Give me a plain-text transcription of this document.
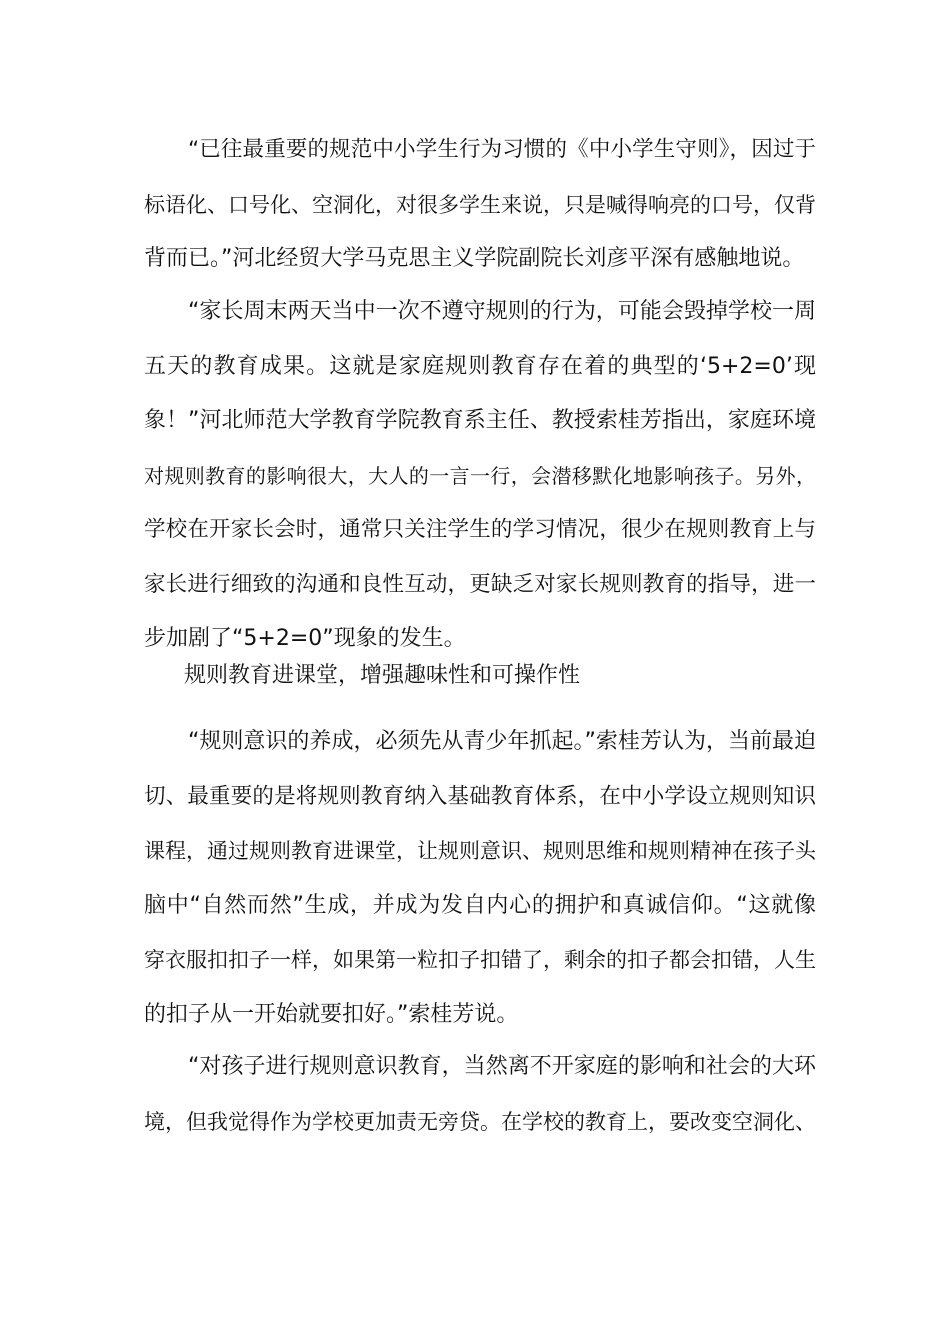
“已往最重要的规范中小学生行为习惯的《中小学生守则》，因过于
标语化、口号化、空洞化，对很多学生来说，只是喊得响亮的口号，仅背
背而已。”河北经贸大学马克思主义学院副院长刘彦平深有感触地说。
“家长周末两天当中一次不遵守规则的行为，可能会毁掉学校一周
五天的教育成果。这就是家庭规则教育存在着的典型的‘5+2=0’现
象！”河北师范大学教育学院教育系主任、教授索桂芳指出，家庭环境
对规则教育的影响很大，大人的一言一行，会潜移默化地影响孩子。另外，
学校在开家长会时，通常只关注学生的学习情况，很少在规则教育上与
家长进行细致的沟通和良性互动，更缺乏对家长规则教育的指导，进一
步加剧了“5+2=0”现象的发生。
规则教育进课堂，增强趣味性和可操作性
“规则意识的养成，必须先从青少年抓起。”索桂芳认为，当前最迫
切、最重要的是将规则教育纳入基础教育体系，在中小学设立规则知识
课程，通过规则教育进课堂，让规则意识、规则思维和规则精神在孩子头
脑中“自然而然”生成，并成为发自内心的拥护和真诚信仰。“这就像
穿衣服扣扣子一样，如果第一粒扣子扣错了，剩余的扣子都会扣错，人生
的扣子从一开始就要扣好。”索桂芳说。
“对孩子进行规则意识教育，当然离不开家庭的影响和社会的大环
境，但我觉得作为学校更加责无旁贷。在学校的教育上，要改变空洞化、
